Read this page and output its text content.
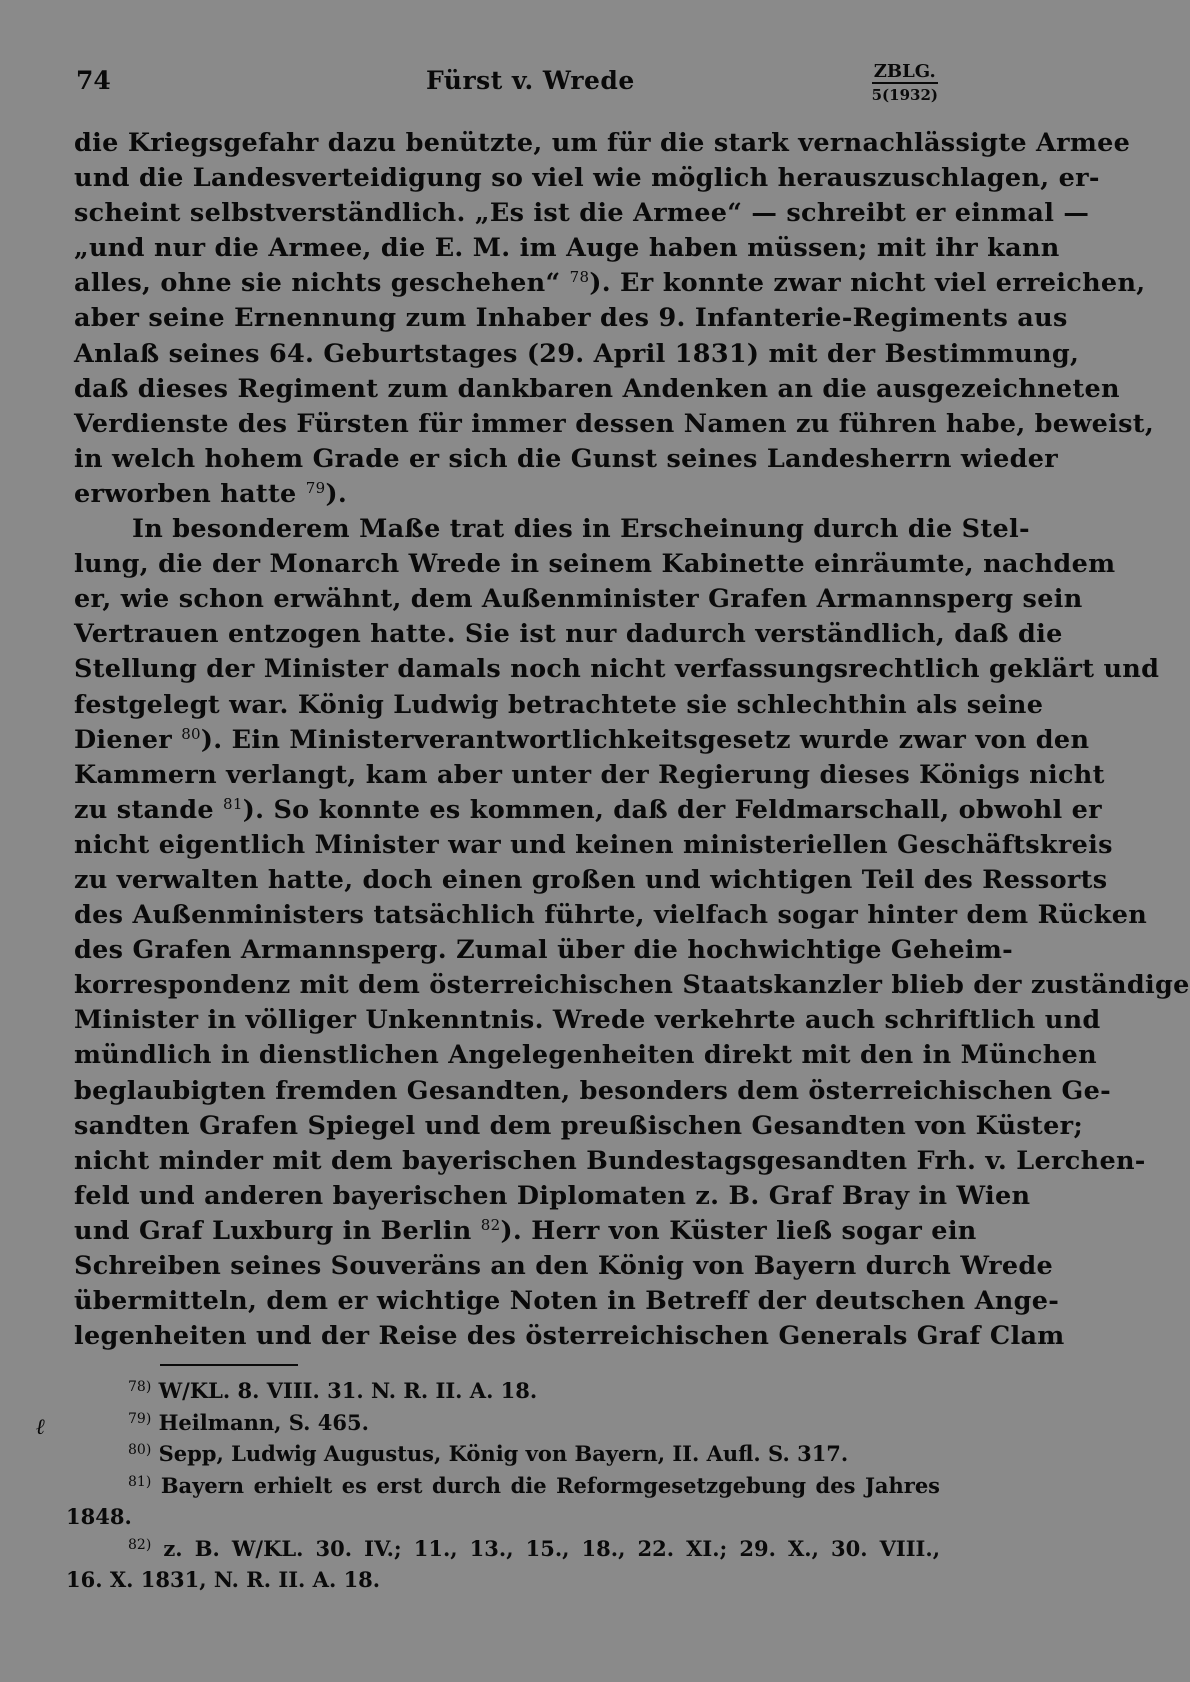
74	Fürst v. Wrede	ZBLG.
5(1932)
die Kriegsgefahr dazu benützte, um für die stark vernachlässigte Armee
und die Landesverteidigung so viel wie möglich herauszuschlagen, er-
scheint selbstverständlich. „Es ist die Armee“ — schreibt er einmal —
„und nur die Armee, die E. M. im Auge haben müssen; mit ihr kann
alles, ohne sie nichts geschehen“ $^{78}$). Er konnte zwar nicht viel erreichen,
aber seine Ernennung zum Inhaber des 9. Infanterie-Regiments aus
Anlaß seines 64. Geburtstages (29. April 1831) mit der Bestimmung,
daß dieses Regiment zum dankbaren Andenken an die ausgezeichneten
Verdienste des Fürsten für immer dessen Namen zu führen habe, beweist,
in welch hohem Grade er sich die Gunst seines Landesherrn wieder
erworben hatte $^{79}$).
In besonderem Maße trat dies in Erscheinung durch die Stel-
lung, die der Monarch Wrede in seinem Kabinette einräumte, nachdem
er, wie schon erwähnt, dem Außenminister Grafen Armannsperg sein
Vertrauen entzogen hatte. Sie ist nur dadurch verständlich, daß die
Stellung der Minister damals noch nicht verfassungsrechtlich geklärt und
festgelegt war. König Ludwig betrachtete sie schlechthin als seine
Diener $^{80}$). Ein Ministerverantwortlichkeitsgesetz wurde zwar von den
Kammern verlangt, kam aber unter der Regierung dieses Königs nicht
zu stande $^{81}$). So konnte es kommen, daß der Feldmarschall, obwohl er
nicht eigentlich Minister war und keinen ministeriellen Geschäftskreis
zu verwalten hatte, doch einen großen und wichtigen Teil des Ressorts
des Außenministers tatsächlich führte, vielfach sogar hinter dem Rücken
des Grafen Armannsperg. Zumal über die hochwichtige Geheim-
korrespondenz mit dem österreichischen Staatskanzler blieb der zuständige
Minister in völliger Unkenntnis. Wrede verkehrte auch schriftlich und
mündlich in dienstlichen Angelegenheiten direkt mit den in München
beglaubigten fremden Gesandten, besonders dem österreichischen Ge-
sandten Grafen Spiegel und dem preußischen Gesandten von Küster;
nicht minder mit dem bayerischen Bundestagsgesandten Frh. v. Lerchen-
feld und anderen bayerischen Diplomaten z. B. Graf Bray in Wien
und Graf Luxburg in Berlin $^{82}$). Herr von Küster ließ sogar ein
Schreiben seines Souveräns an den König von Bayern durch Wrede
übermitteln, dem er wichtige Noten in Betreff der deutschen Ange-
legenheiten und der Reise des österreichischen Generals Graf Clam
ℓ
$^{78)}$ W/KL. 8. VIII. 31. N. R. II. A. 18.
$^{79)}$ Heilmann, S. 465.
$^{80)}$ Sepp, Ludwig Augustus, König von Bayern, II. Aufl. S. 317.
$^{81)}$ Bayern erhielt es erst durch die Reformgesetzgebung des Jahres
1848.
$^{82)}$ z. B. W/KL. 30. IV.; 11., 13., 15., 18., 22. XI.; 29. X., 30. VIII.,
16. X. 1831, N. R. II. A. 18.
